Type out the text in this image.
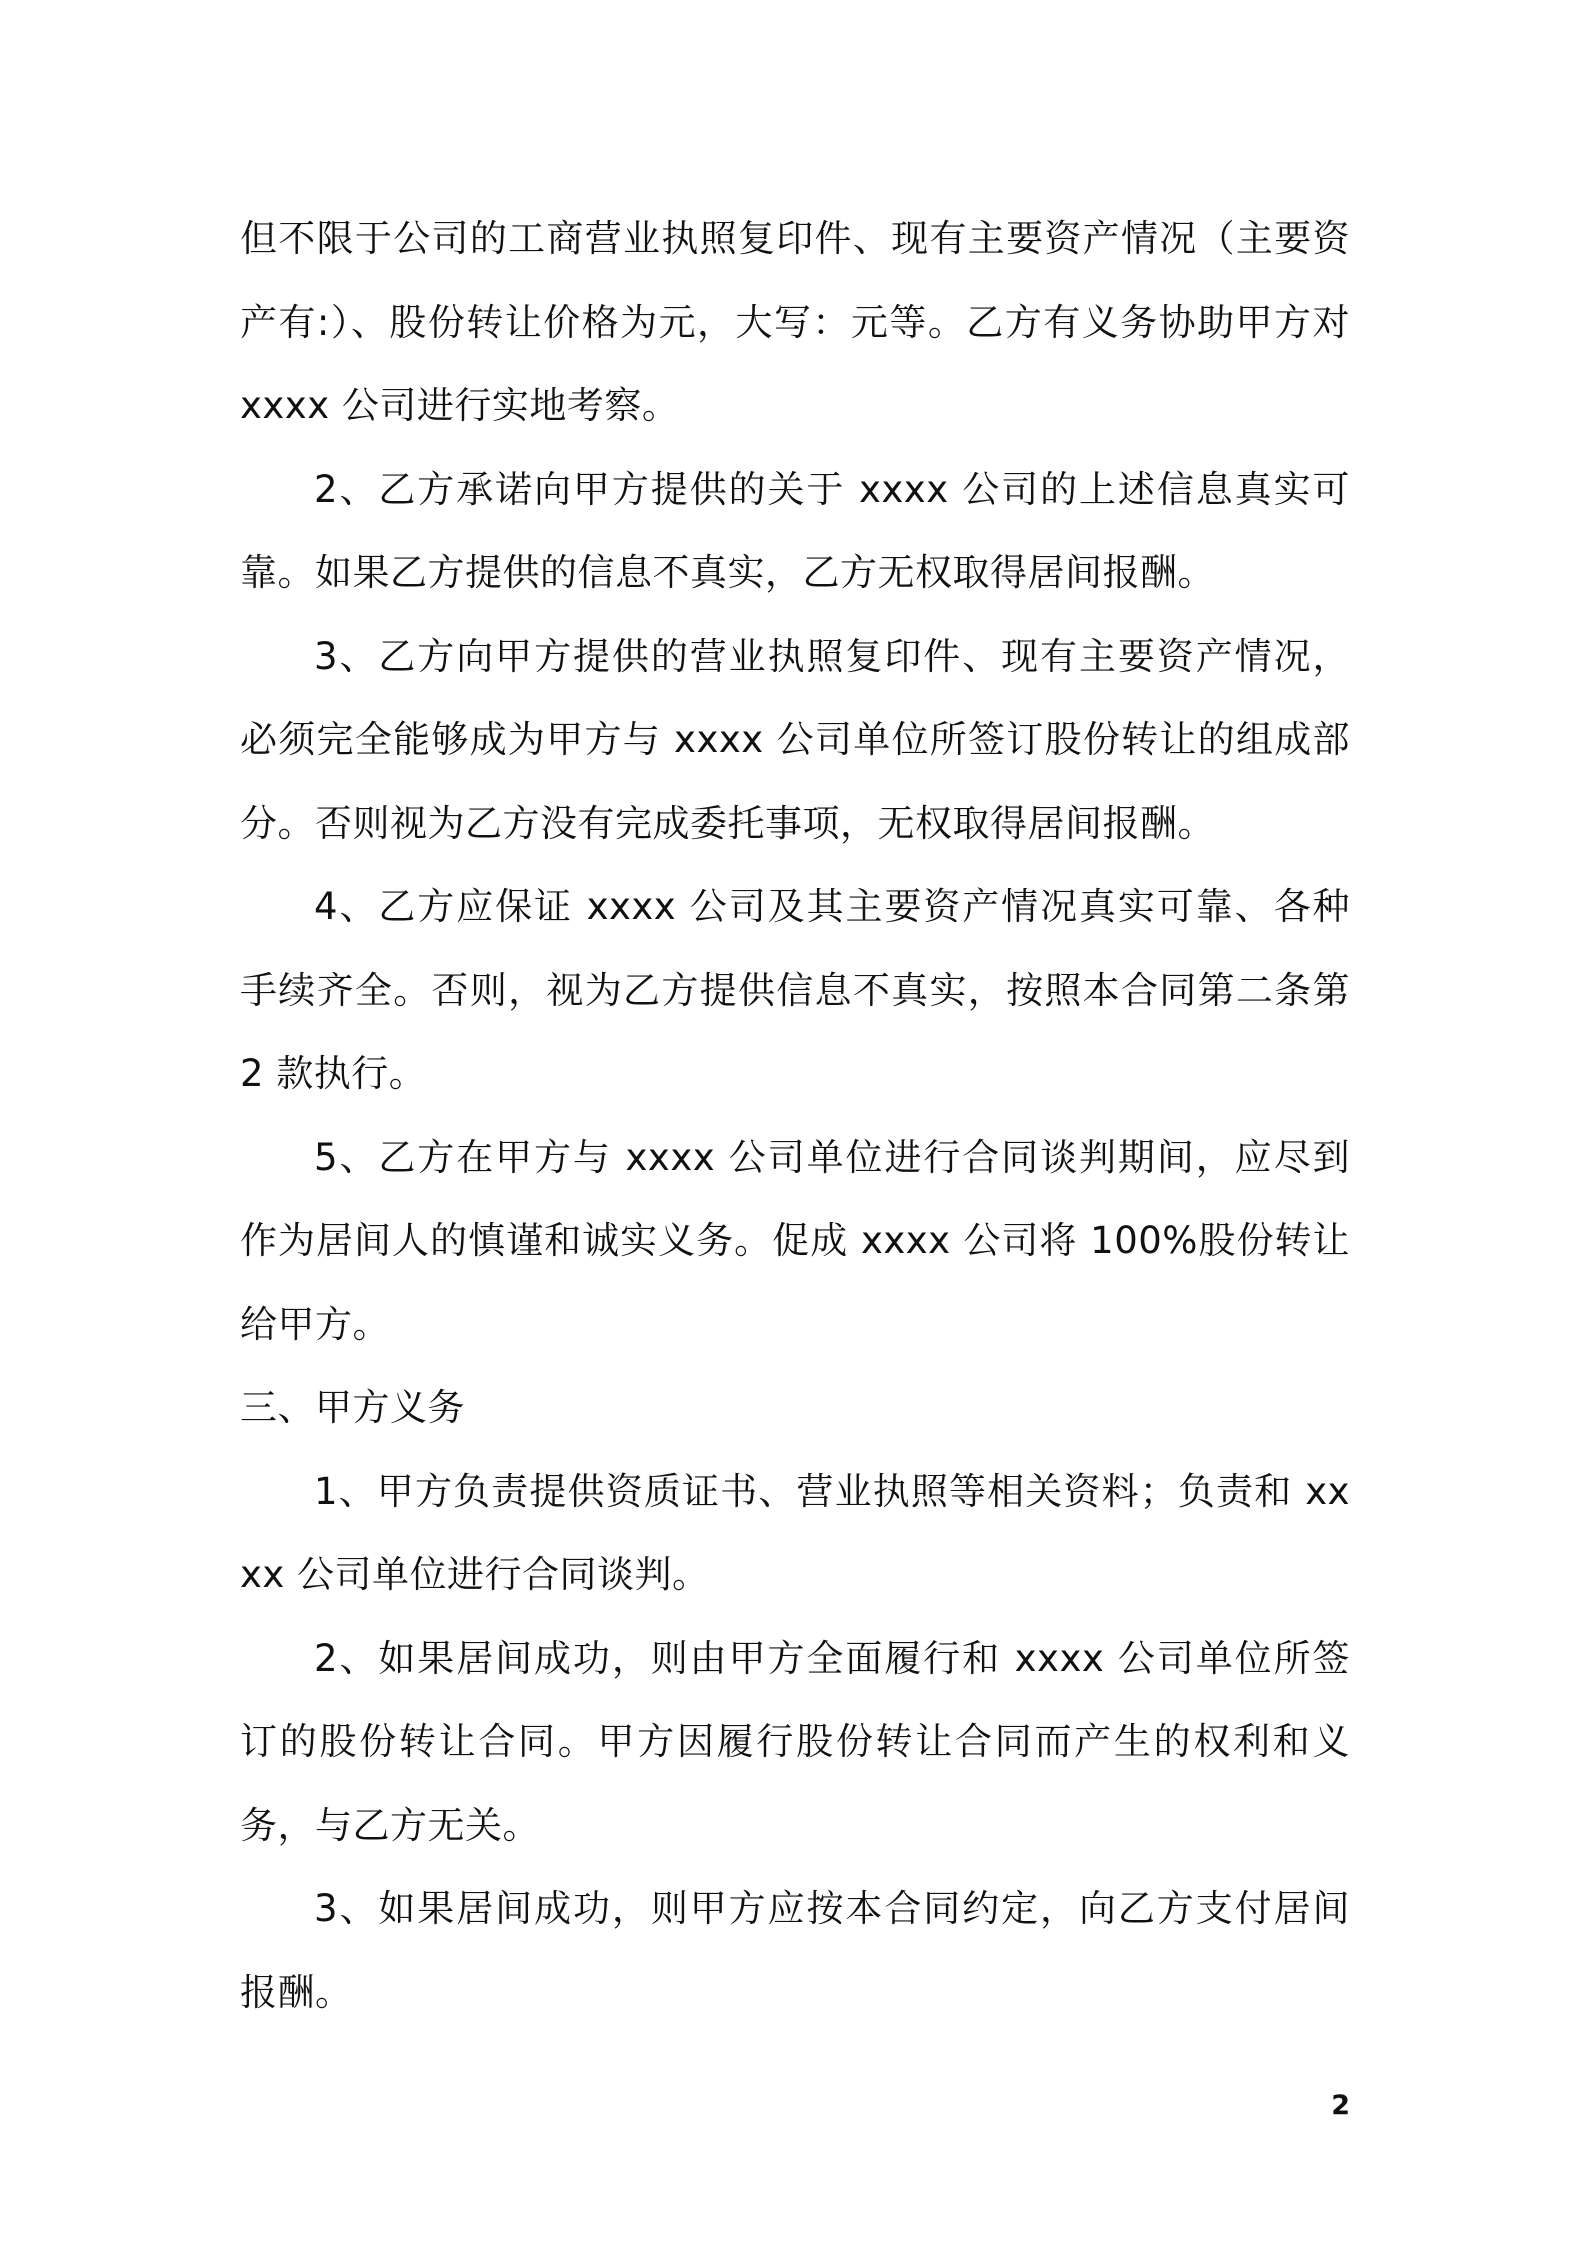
但不限于公司的工商营业执照复印件、现有主要资产情况（主要资产有:）、股份转让价格为元，大写：元等。乙方有义务协助甲方对 xxxx 公司进行实地考察。

2、乙方承诺向甲方提供的关于 xxxx 公司的上述信息真实可靠。如果乙方提供的信息不真实，乙方无权取得居间报酬。

3、乙方向甲方提供的营业执照复印件、现有主要资产情况，必须完全能够成为甲方与 xxxx 公司单位所签订股份转让的组成部分。否则视为乙方没有完成委托事项，无权取得居间报酬。

4、乙方应保证 xxxx 公司及其主要资产情况真实可靠、各种手续齐全。否则，视为乙方提供信息不真实，按照本合同第二条第 2 款执行。

5、乙方在甲方与 xxxx 公司单位进行合同谈判期间，应尽到作为居间人的慎谨和诚实义务。促成 xxxx 公司将 100%股份转让给甲方。

三、甲方义务

1、甲方负责提供资质证书、营业执照等相关资料；负责和 xxxx 公司单位进行合同谈判。

2、如果居间成功，则由甲方全面履行和 xxxx 公司单位所签订的股份转让合同。甲方因履行股份转让合同而产生的权利和义务，与乙方无关。

3、如果居间成功，则甲方应按本合同约定，向乙方支付居间报酬。

2
